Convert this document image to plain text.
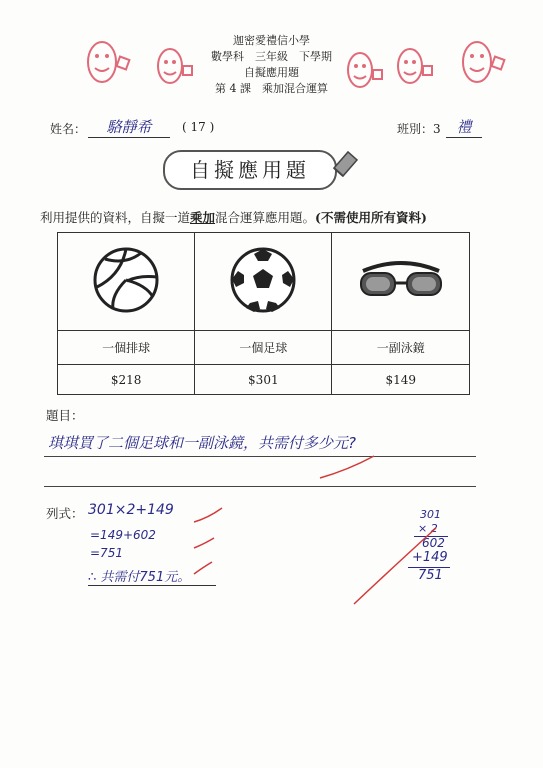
迦密愛禮信小學
數學科　三年級　下學期
自擬應用題
第 4 課　乘加混合運算
姓名：	駱靜希	( 17 )	班別：3	禮
自擬應用題
利用提供的資料，自擬一道乘加混合運算應用題。(不需使用所有資料)

一個排球	一個足球	一副泳鏡
$218	$301	$149
題目：
琪琪買了二個足球和一副泳鏡，共需付多少元?
列式： 301×2+149
=149+602
=751
∴ 共需付751元。
301
× 2
602
+149
751
